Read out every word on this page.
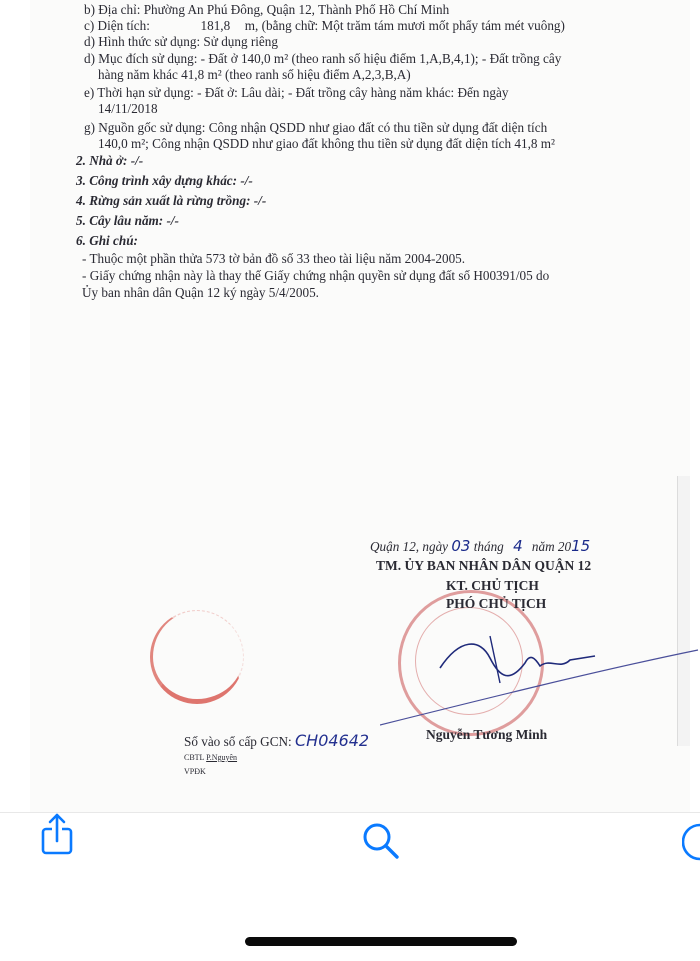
b) Địa chỉ: Phường An Phú Đông, Quận 12, Thành Phố Hồ Chí Minh
c) Diện tích:	181,8 m, (bằng chữ: Một trăm tám mươi mốt phẩy tám mét vuông)
d) Hình thức sử dụng: Sử dụng riêng
d) Mục đích sử dụng: - Đất ở 140,0 m² (theo ranh số hiệu điểm 1,A,B,4,1); - Đất trồng cây
hàng năm khác 41,8 m² (theo ranh số hiệu điểm A,2,3,B,A)
e) Thời hạn sử dụng: - Đất ở: Lâu dài; - Đất trồng cây hàng năm khác: Đến ngày
14/11/2018
g) Nguồn gốc sử dụng: Công nhận QSDD như giao đất có thu tiền sử dụng đất diện tích
140,0 m²; Công nhận QSDD như giao đất không thu tiền sử dụng đất diện tích 41,8 m²
2. Nhà ở: -/-
3. Công trình xây dựng khác: -/-
4. Rừng sản xuất là rừng trồng: -/-
5. Cây lâu năm: -/-
6. Ghi chú:
- Thuộc một phần thửa 573 tờ bản đồ số 33 theo tài liệu năm 2004-2005.
- Giấy chứng nhận này là thay thế Giấy chứng nhận quyền sử dụng đất số H00391/05 do
Ủy ban nhân dân Quận 12 ký ngày 5/4/2005.
Quận 12, ngày 03 tháng 4 năm 2015
TM. ỦY BAN NHÂN DÂN QUẬN 12
KT. CHỦ TỊCH
PHÓ CHỦ TỊCH
Nguyễn Tương Minh
Số vào sổ cấp GCN: CH04642
CBTL P.Nguyên
VPĐK
